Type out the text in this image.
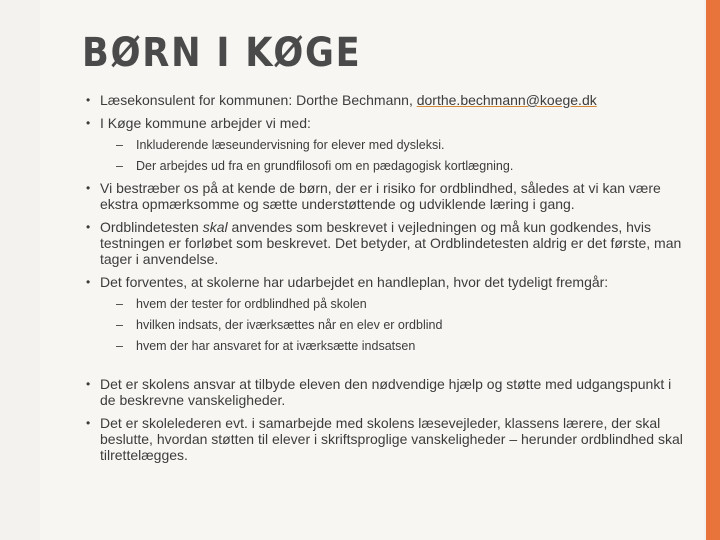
BØRN I KØGE
• Læsekonsulent for kommunen: Dorthe Bechmann, dorthe.bechmann@koege.dk
• I Køge kommune arbejder vi med:
– Inkluderende læseundervisning for elever med dysleksi.
– Der arbejdes ud fra en grundfilosofi om en pædagogisk kortlægning.
• Vi bestræber os på at kende de børn, der er i risiko for ordblindhed, således at vi kan være ekstra opmærksomme og sætte understøttende og udviklende læring i gang.
• Ordblindetesten skal anvendes som beskrevet i vejledningen og må kun godkendes, hvis testningen er forløbet som beskrevet. Det betyder, at Ordblindetesten aldrig er det første, man tager i anvendelse.
• Det forventes, at skolerne har udarbejdet en handleplan, hvor det tydeligt fremgår:
– hvem der tester for ordblindhed på skolen
– hvilken indsats, der iværksættes når en elev er ordblind
– hvem der har ansvaret for at iværksætte indsatsen
• Det er skolens ansvar at tilbyde eleven den nødvendige hjælp og støtte med udgangspunkt i de beskrevne vanskeligheder.
• Det er skolelederen evt. i samarbejde med skolens læsevejleder, klassens lærere, der skal beslutte, hvordan støtten til elever i skriftsproglige vanskeligheder – herunder ordblindhed skal tilrettelægges.
